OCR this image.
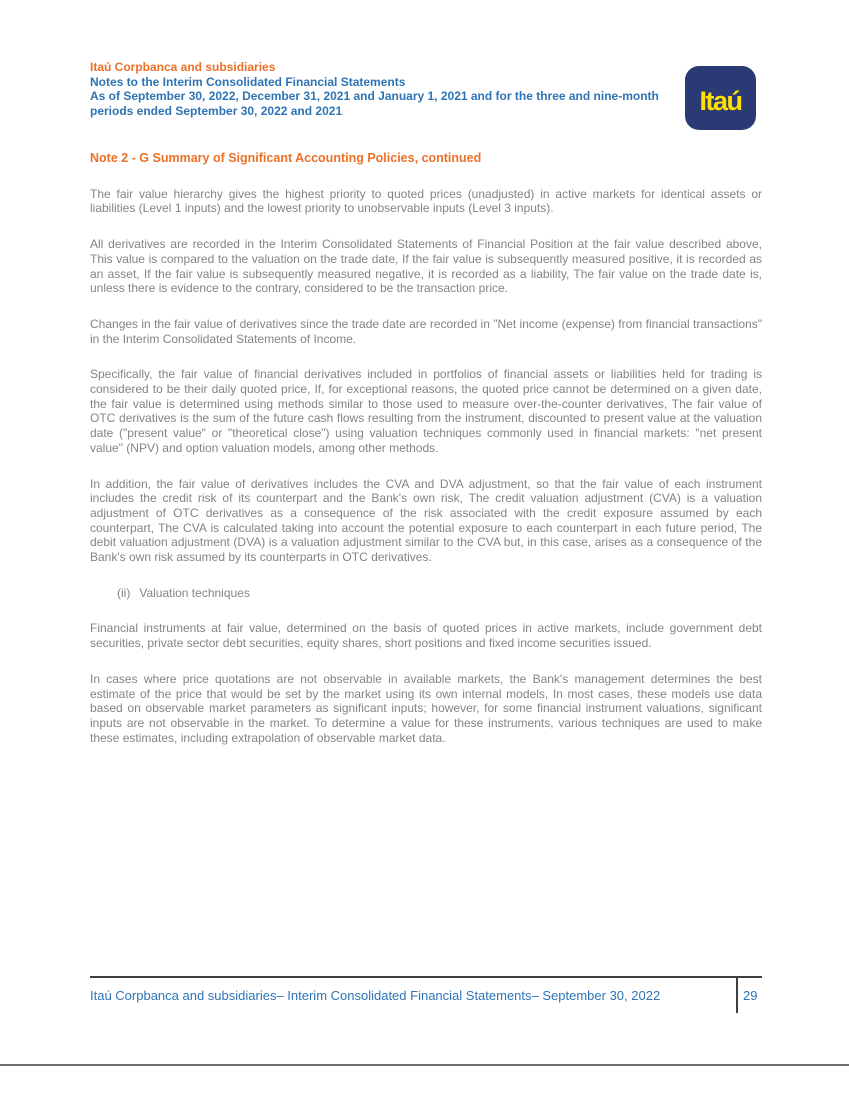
Itaú Corpbanca and subsidiaries
Notes to the Interim Consolidated Financial Statements
As of September 30, 2022, December 31, 2021 and January 1, 2021 and for the three and nine-month periods ended September 30, 2022 and 2021	Itaú
Note 2 - G Summary of Significant Accounting Policies, continued

The fair value hierarchy gives the highest priority to quoted prices (unadjusted) in active markets for identical assets or liabilities (Level 1 inputs) and the lowest priority to unobservable inputs (Level 3 inputs).

All derivatives are recorded in the Interim Consolidated Statements of Financial Position at the fair value described above, This value is compared to the valuation on the trade date, If the fair value is subsequently measured positive, it is recorded as an asset, If the fair value is subsequently measured negative, it is recorded as a liability, The fair value on the trade date is, unless there is evidence to the contrary, considered to be the transaction price.

Changes in the fair value of derivatives since the trade date are recorded in "Net income (expense) from financial transactions" in the Interim Consolidated Statements of Income.

Specifically, the fair value of financial derivatives included in portfolios of financial assets or liabilities held for trading is considered to be their daily quoted price, If, for exceptional reasons, the quoted price cannot be determined on a given date, the fair value is determined using methods similar to those used to measure over-the-counter derivatives, The fair value of OTC derivatives is the sum of the future cash flows resulting from the instrument, discounted to present value at the valuation date ("present value" or "theoretical close") using valuation techniques commonly used in financial markets: "net present value" (NPV) and option valuation models, among other methods.

In addition, the fair value of derivatives includes the CVA and DVA adjustment, so that the fair value of each instrument includes the credit risk of its counterpart and the Bank's own risk, The credit valuation adjustment (CVA) is a valuation adjustment of OTC derivatives as a consequence of the risk associated with the credit exposure assumed by each counterpart, The CVA is calculated taking into account the potential exposure to each counterpart in each future period, The debit valuation adjustment (DVA) is a valuation adjustment similar to the CVA but, in this case, arises as a consequence of the Bank's own risk assumed by its counterparts in OTC derivatives.

(ii) Valuation techniques

Financial instruments at fair value, determined on the basis of quoted prices in active markets, include government debt securities, private sector debt securities, equity shares, short positions and fixed income securities issued.

In cases where price quotations are not observable in available markets, the Bank's management determines the best estimate of the price that would be set by the market using its own internal models, In most cases, these models use data based on observable market parameters as significant inputs; however, for some financial instrument valuations, significant inputs are not observable in the market. To determine a value for these instruments, various techniques are used to make these estimates, including extrapolation of observable market data.

Itaú Corpbanca and subsidiaries– Interim Consolidated Financial Statements– September 30, 2022	29
